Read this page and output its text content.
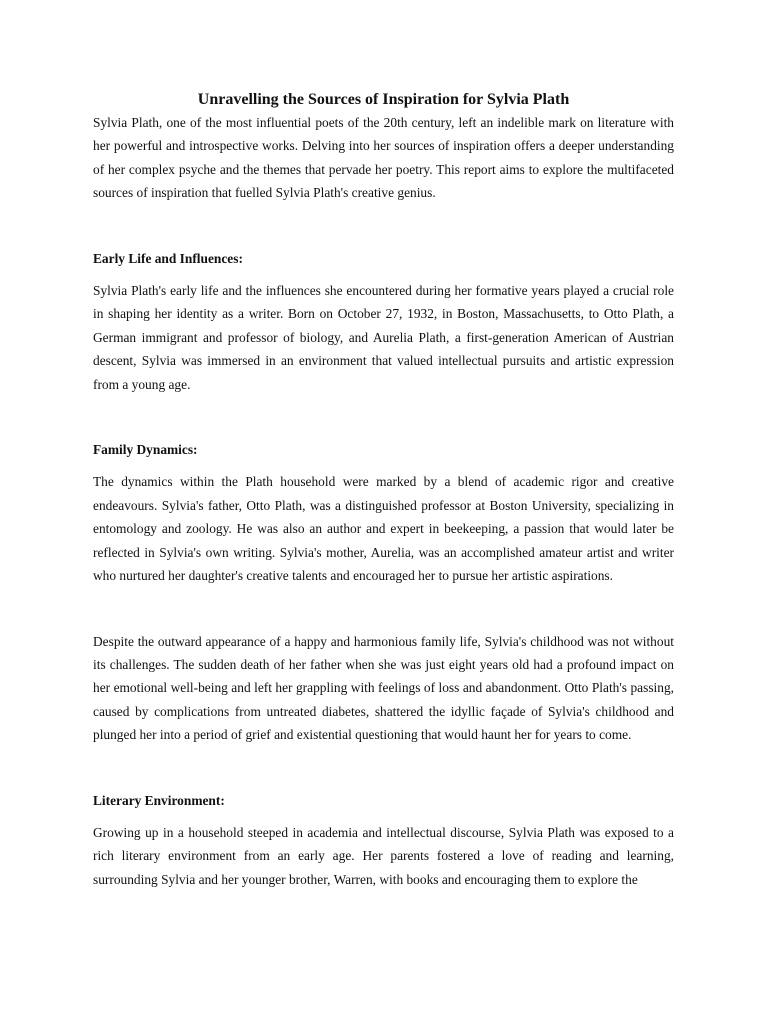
Unravelling the Sources of Inspiration for Sylvia Plath

Sylvia Plath, one of the most influential poets of the 20th century, left an indelible mark on literature with her powerful and introspective works. Delving into her sources of inspiration offers a deeper understanding of her complex psyche and the themes that pervade her poetry. This report aims to explore the multifaceted sources of inspiration that fuelled Sylvia Plath's creative genius.

Early Life and Influences:

Sylvia Plath's early life and the influences she encountered during her formative years played a crucial role in shaping her identity as a writer. Born on October 27, 1932, in Boston, Massachusetts, to Otto Plath, a German immigrant and professor of biology, and Aurelia Plath, a first-generation American of Austrian descent, Sylvia was immersed in an environment that valued intellectual pursuits and artistic expression from a young age.

Family Dynamics:

The dynamics within the Plath household were marked by a blend of academic rigor and creative endeavours. Sylvia's father, Otto Plath, was a distinguished professor at Boston University, specializing in entomology and zoology. He was also an author and expert in beekeeping, a passion that would later be reflected in Sylvia's own writing. Sylvia's mother, Aurelia, was an accomplished amateur artist and writer who nurtured her daughter's creative talents and encouraged her to pursue her artistic aspirations.

Despite the outward appearance of a happy and harmonious family life, Sylvia's childhood was not without its challenges. The sudden death of her father when she was just eight years old had a profound impact on her emotional well-being and left her grappling with feelings of loss and abandonment. Otto Plath's passing, caused by complications from untreated diabetes, shattered the idyllic façade of Sylvia's childhood and plunged her into a period of grief and existential questioning that would haunt her for years to come.

Literary Environment:

Growing up in a household steeped in academia and intellectual discourse, Sylvia Plath was exposed to a rich literary environment from an early age. Her parents fostered a love of reading and learning, surrounding Sylvia and her younger brother, Warren, with books and encouraging them to explore the
